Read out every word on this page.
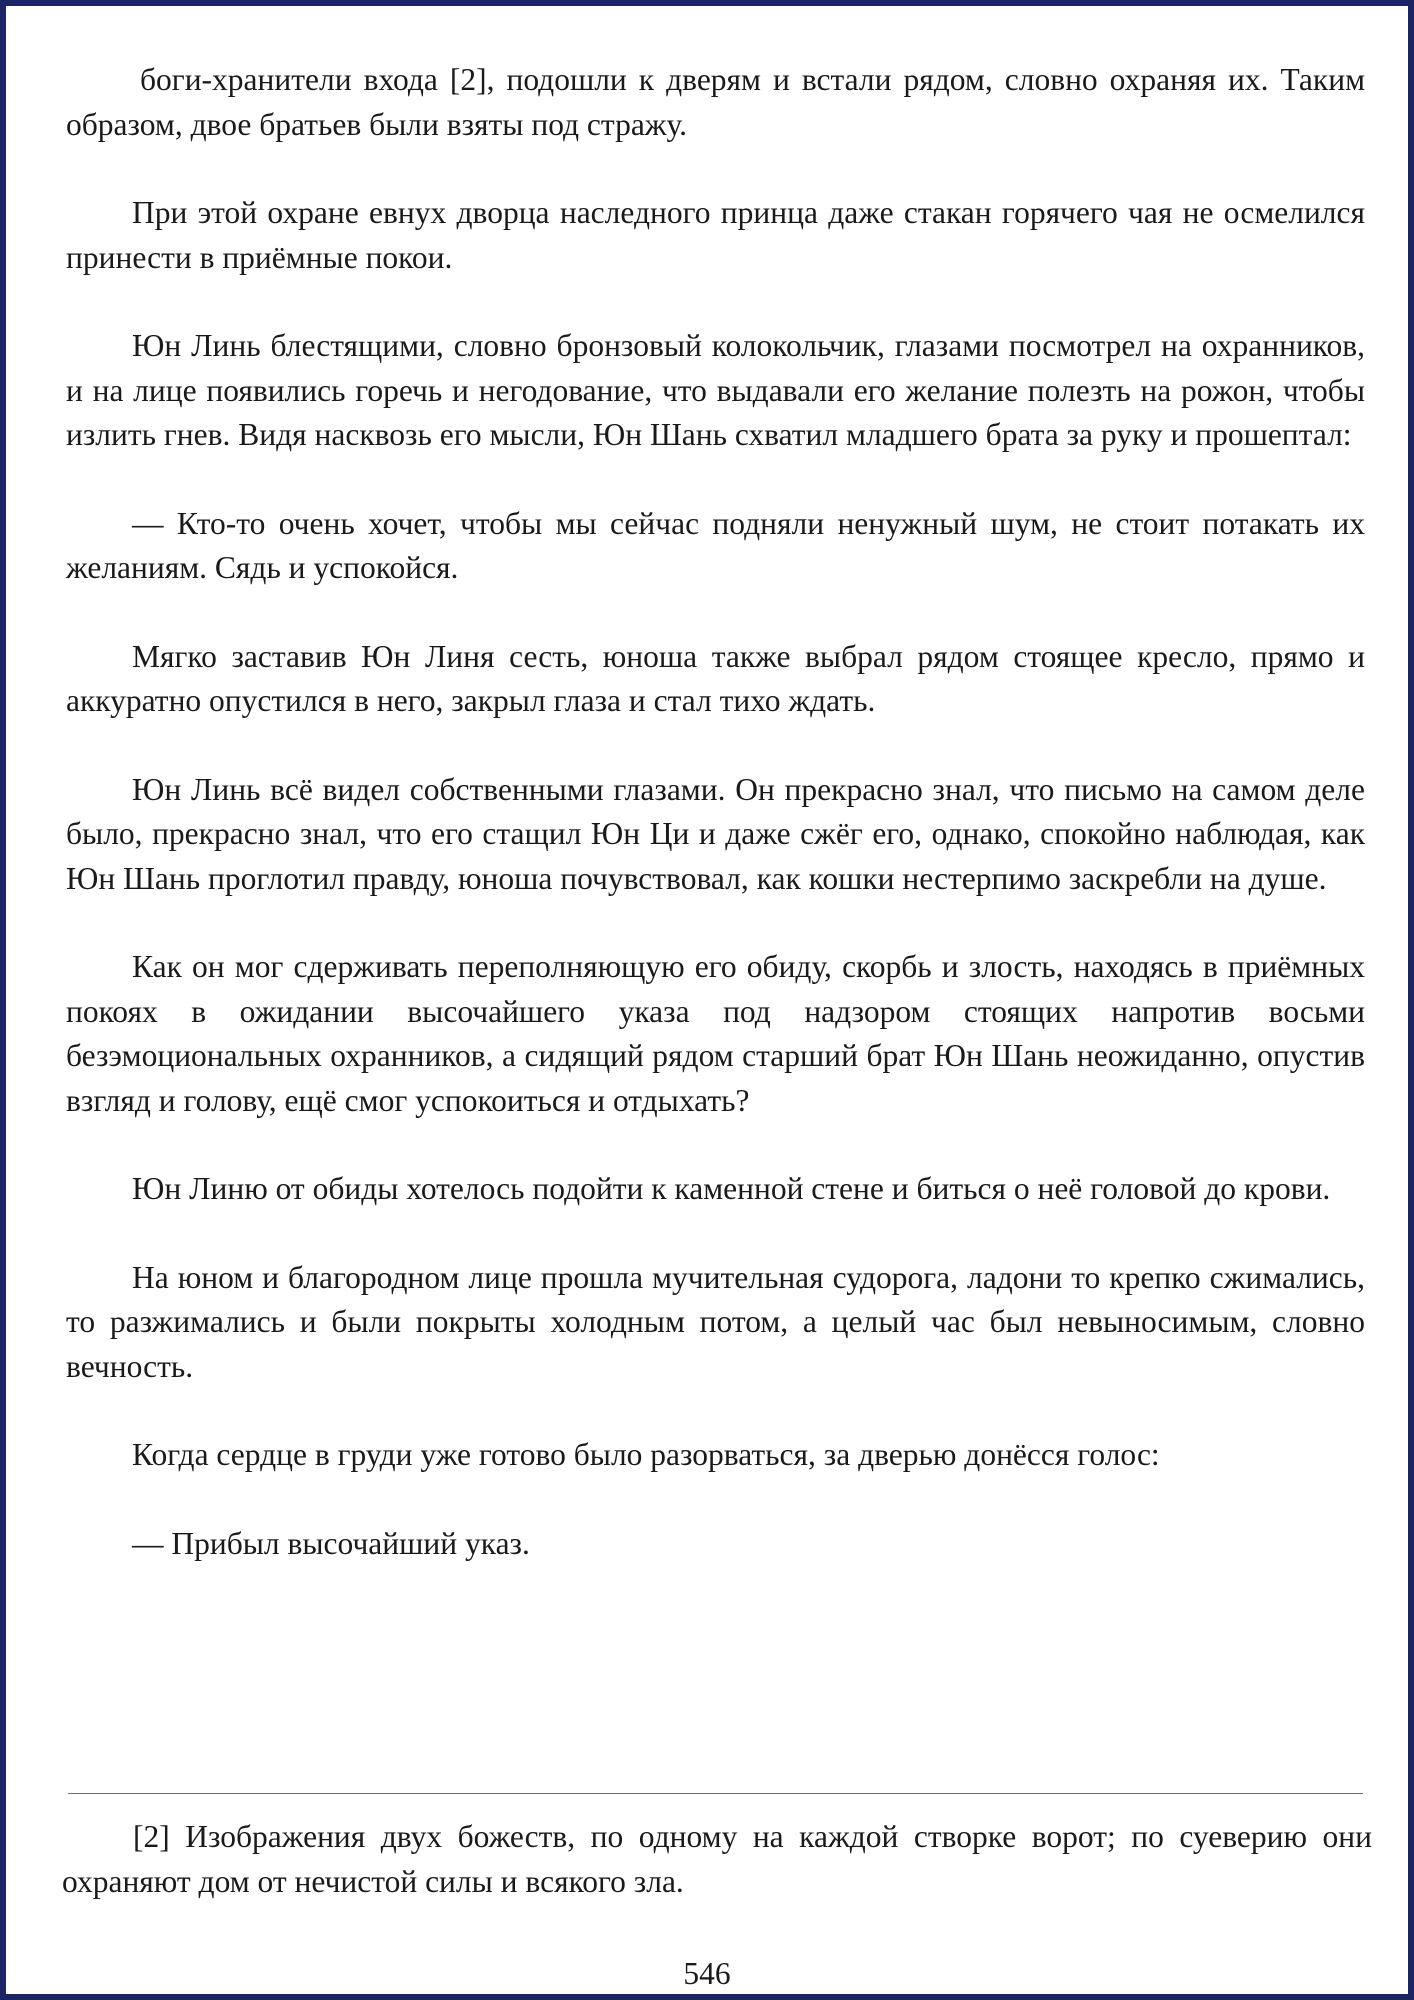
боги-хранители входа [2], подошли к дверям и встали рядом, словно охраняя их. Таким образом, двое братьев были взяты под стражу.

При этой охране евнух дворца наследного принца даже стакан горячего чая не осмелился принести в приёмные покои.

Юн Линь блестящими, словно бронзовый колокольчик, глазами посмотрел на охранников, и на лице появились горечь и негодование, что выдавали его желание полезть на рожон, чтобы излить гнев. Видя насквозь его мысли, Юн Шань схватил младшего брата за руку и прошептал:

— Кто-то очень хочет, чтобы мы сейчас подняли ненужный шум, не стоит потакать их желаниям. Сядь и успокойся.

Мягко заставив Юн Линя сесть, юноша также выбрал рядом стоящее кресло, прямо и аккуратно опустился в него, закрыл глаза и стал тихо ждать.

Юн Линь всё видел собственными глазами. Он прекрасно знал, что письмо на самом деле было, прекрасно знал, что его стащил Юн Ци и даже сжёг его, однако, спокойно наблюдая, как Юн Шань проглотил правду, юноша почувствовал, как кошки нестерпимо заскребли на душе.

Как он мог сдерживать переполняющую его обиду, скорбь и злость, находясь в приёмных покоях в ожидании высочайшего указа под надзором стоящих напротив восьми безэмоциональных охранников, а сидящий рядом старший брат Юн Шань неожиданно, опустив взгляд и голову, ещё смог успокоиться и отдыхать?

Юн Линю от обиды хотелось подойти к каменной стене и биться о неё головой до крови.

На юном и благородном лице прошла мучительная судорога, ладони то крепко сжимались, то разжимались и были покрыты холодным потом, а целый час был невыносимым, словно вечность.

Когда сердце в груди уже готово было разорваться, за дверью донёсся голос:

— Прибыл высочайший указ.

[2] Изображения двух божеств, по одному на каждой створке ворот; по суеверию они охраняют дом от нечистой силы и всякого зла.

546
